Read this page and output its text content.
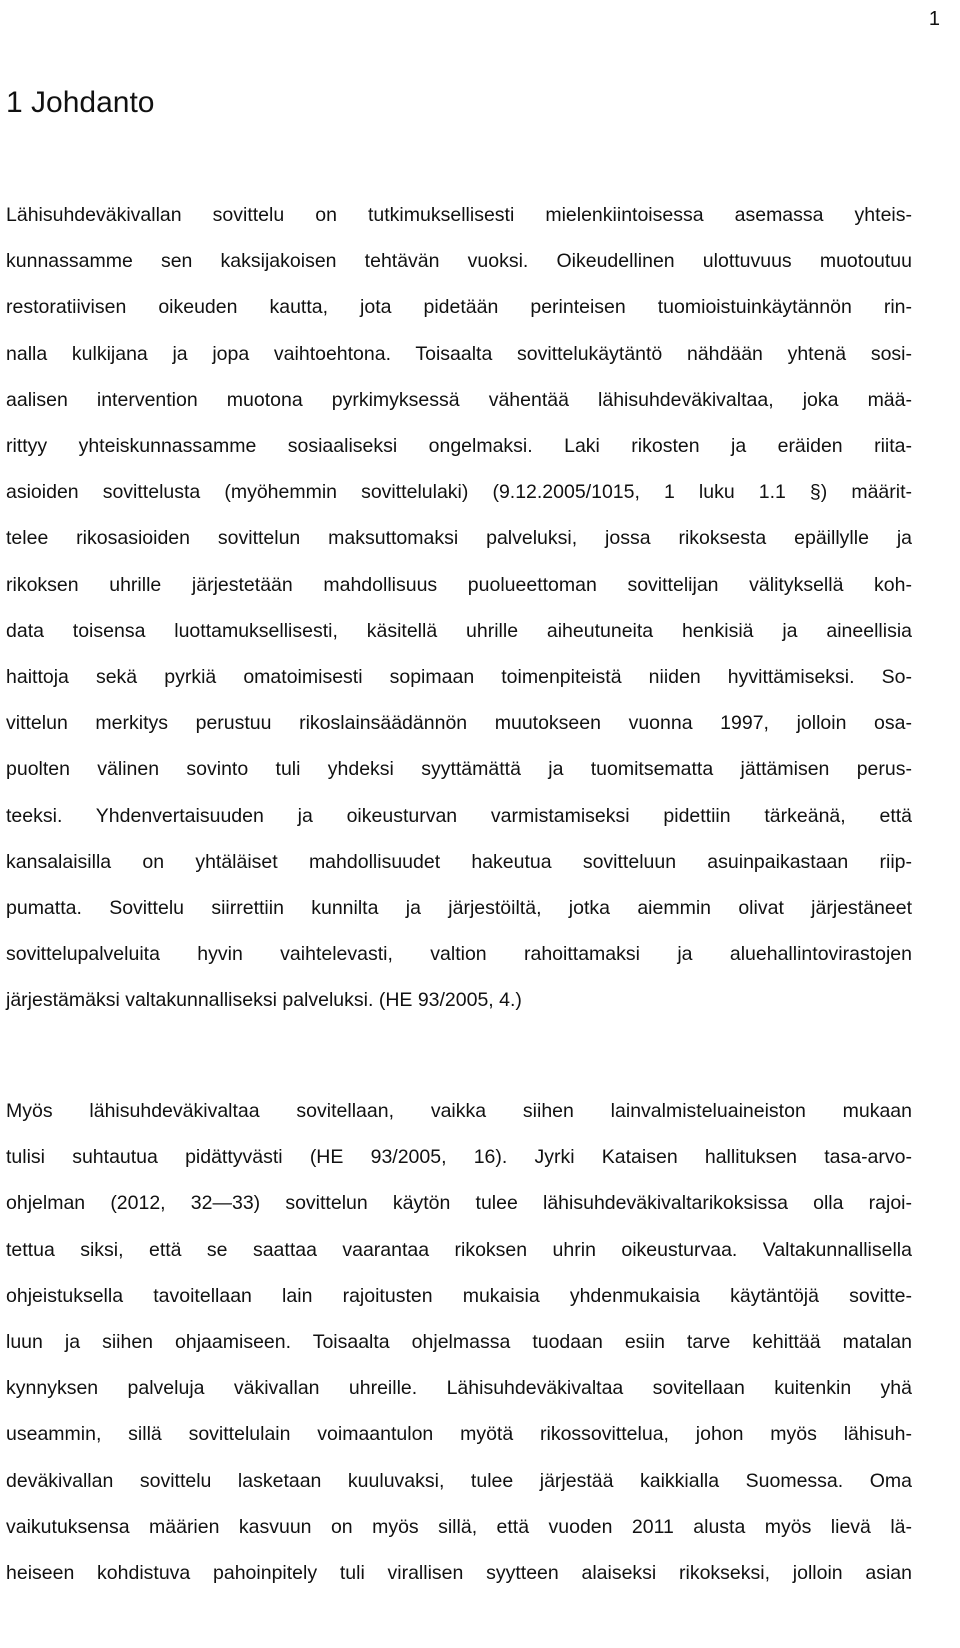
1
1 Johdanto
Lähisuhdeväkivallan sovittelu on tutkimuksellisesti mielenkiintoisessa asemassa yhteis-
kunnassamme sen kaksijakoisen tehtävän vuoksi. Oikeudellinen ulottuvuus muotoutuu
restoratiivisen oikeuden kautta, jota pidetään perinteisen tuomioistuinkäytännön rin-
nalla kulkijana ja jopa vaihtoehtona. Toisaalta sovittelukäytäntö nähdään yhtenä sosi-
aalisen intervention muotona pyrkimyksessä vähentää lähisuhdeväkivaltaa, joka mää-
rittyy yhteiskunnassamme sosiaaliseksi ongelmaksi. Laki rikosten ja eräiden riita-
asioiden sovittelusta (myöhemmin sovittelulaki) (9.12.2005/1015, 1 luku 1.1 §) määrit-
telee rikosasioiden sovittelun maksuttomaksi palveluksi, jossa rikoksesta epäillylle ja
rikoksen uhrille järjestetään mahdollisuus puolueettoman sovittelijan välityksellä koh-
data toisensa luottamuksellisesti, käsitellä uhrille aiheutuneita henkisiä ja aineellisia
haittoja sekä pyrkiä omatoimisesti sopimaan toimenpiteistä niiden hyvittämiseksi. So-
vittelun merkitys perustuu rikoslainsäädännön muutokseen vuonna 1997, jolloin osa-
puolten välinen sovinto tuli yhdeksi syyttämättä ja tuomitsematta jättämisen perus-
teeksi. Yhdenvertaisuuden ja oikeusturvan varmistamiseksi pidettiin tärkeänä, että
kansalaisilla on yhtäläiset mahdollisuudet hakeutua sovitteluun asuinpaikastaan riip-
pumatta. Sovittelu siirrettiin kunnilta ja järjestöiltä, jotka aiemmin olivat järjestäneet
sovittelupalveluita hyvin vaihtelevasti, valtion rahoittamaksi ja aluehallintovirastojen
järjestämäksi valtakunnalliseksi palveluksi. (HE 93/2005, 4.)
Myös lähisuhdeväkivaltaa sovitellaan, vaikka siihen lainvalmisteluaineiston mukaan
tulisi suhtautua pidättyvästi (HE 93/2005, 16). Jyrki Kataisen hallituksen tasa-arvo-
ohjelman (2012, 32—33) sovittelun käytön tulee lähisuhdeväkivaltarikoksissa olla rajoi-
tettua siksi, että se saattaa vaarantaa rikoksen uhrin oikeusturvaa. Valtakunnallisella
ohjeistuksella tavoitellaan lain rajoitusten mukaisia yhdenmukaisia käytäntöjä sovitte-
luun ja siihen ohjaamiseen. Toisaalta ohjelmassa tuodaan esiin tarve kehittää matalan
kynnyksen palveluja väkivallan uhreille. Lähisuhdeväkivaltaa sovitellaan kuitenkin yhä
useammin, sillä sovittelulain voimaantulon myötä rikossovittelua, johon myös lähisuh-
deväkivallan sovittelu lasketaan kuuluvaksi, tulee järjestää kaikkialla Suomessa. Oma
vaikutuksensa määrien kasvuun on myös sillä, että vuoden 2011 alusta myös lievä lä-
heiseen kohdistuva pahoinpitely tuli virallisen syytteen alaiseksi rikokseksi, jolloin asian
